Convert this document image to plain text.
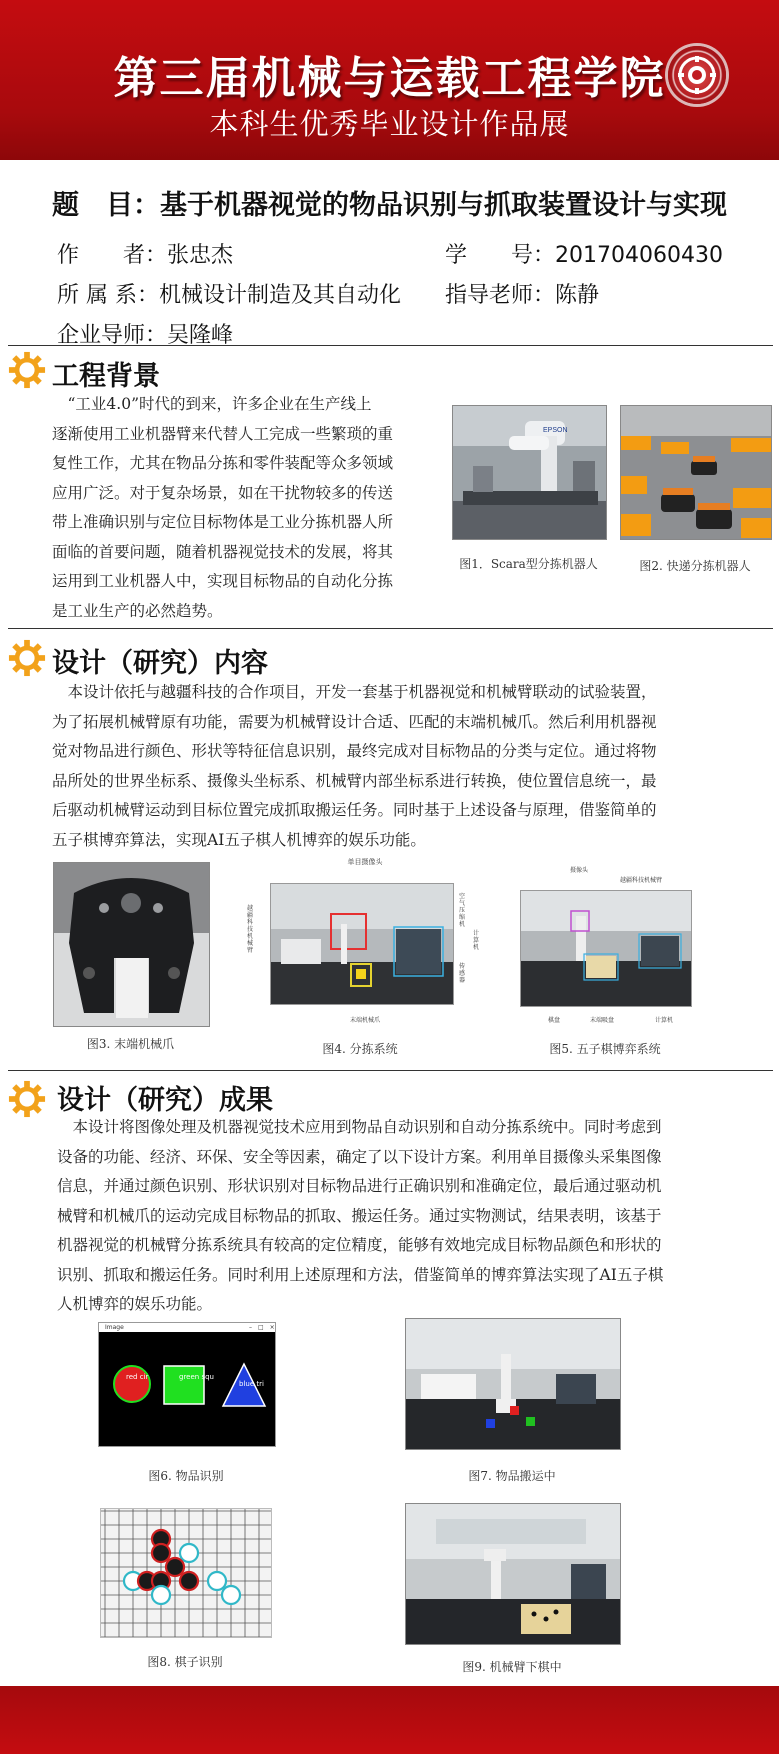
第三届机械与运载工程学院
本科生优秀毕业设计作品展
题　目：基于机器视觉的物品识别与抓取装置设计与实现
作　　者：张忠杰	学　　号：201704060430
所 属 系：机械设计制造及其自动化 指导老师：陈静
企业导师：吴隆峰
工程背景
　“工业4.0”时代的到来，许多企业在生产线上
逐渐使用工业机器臂来代替人工完成一些繁琐的重
复性工作，尤其在物品分拣和零件装配等众多领域
应用广泛。对于复杂场景，如在干扰物较多的传送
带上准确识别与定位目标物体是工业分拣机器人所
面临的首要问题，随着机器视觉技术的发展，将其
运用到工业机器人中，实现目标物品的自动化分拣
是工业生产的必然趋势。
EPSON
图1．Scara型分拣机器人	图2. 快递分拣机器人
设计（研究）内容
　本设计依托与越疆科技的合作项目，开发一套基于机器视觉和机械臂联动的试验装置，
为了拓展机械臂原有功能，需要为机械臂设计合适、匹配的末端机械爪。然后利用机器视
觉对物品进行颜色、形状等特征信息识别，最终完成对目标物品的分类与定位。通过将物
品所处的世界坐标系、摄像头坐标系、机械臂内部坐标系进行转换，使位置信息统一，最
后驱动机械臂运动到目标位置完成抓取搬运任务。同时基于上述设备与原理，借鉴简单的
五子棋博弈算法，实现AI五子棋人机博弈的娱乐功能。
图3. 末端机械爪
单目摄像头
越疆科技机械臂
空气压缩机
计算机
传感器
末端机械爪
图4. 分拣系统
摄像头
越疆科技机械臂
棋盘	末端吸盘	计算机
图5. 五子棋博弈系统
设计（研究）成果
　本设计将图像处理及机器视觉技术应用到物品自动识别和自动分拣系统中。同时考虑到
设备的功能、经济、环保、安全等因素，确定了以下设计方案。利用单目摄像头采集图像
信息，并通过颜色识别、形状识别对目标物品进行正确识别和准确定位，最后通过驱动机
械臂和机械爪的运动完成目标物品的抓取、搬运任务。通过实物测试，结果表明，该基于
机器视觉的机械臂分拣系统具有较高的定位精度，能够有效地完成目标物品颜色和形状的
识别、抓取和搬运任务。同时利用上述原理和方法，借鉴简单的博弈算法实现了AI五子棋
人机博弈的娱乐功能。
Image	–　□　×
red cir	green squ
blue tri
图6. 物品识别	图7. 物品搬运中
图8. 棋子识别	图9. 机械臂下棋中
